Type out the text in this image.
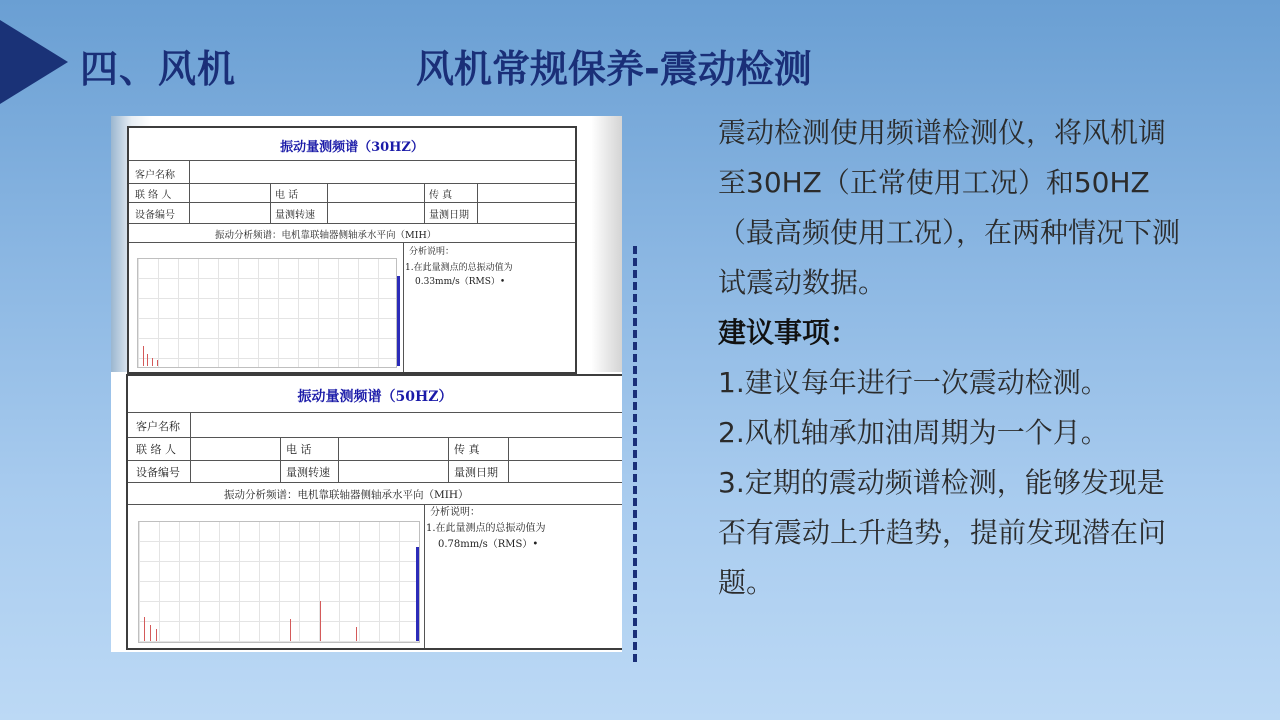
四、风机	风机常规保养-震动检测
振动量测频谱（30HZ）
客户名称
联 络 人	电 话	传 真
设备编号	量测转速	量测日期
振动分析频谱：电机靠联轴器侧轴承水平向（MIH）
分析说明：
1.在此量测点的总振动值为
0.33mm/s（RMS）•
振动量测频谱（50HZ）
客户名称
联 络 人	电 话	传 真
设备编号	量测转速	量测日期
振动分析频谱：电机靠联轴器侧轴承水平向（MIH）
分析说明：
1.在此量测点的总振动值为
0.78mm/s（RMS）•

震动检测使用频谱检测仪，将风机调至30HZ（正常使用工况）和50HZ（最高频使用工况），在两种情况下测试震动数据。

建议事项：

1.建议每年进行一次震动检测。

2.风机轴承加油周期为一个月。

3.定期的震动频谱检测，能够发现是否有震动上升趋势，提前发现潜在问题。
